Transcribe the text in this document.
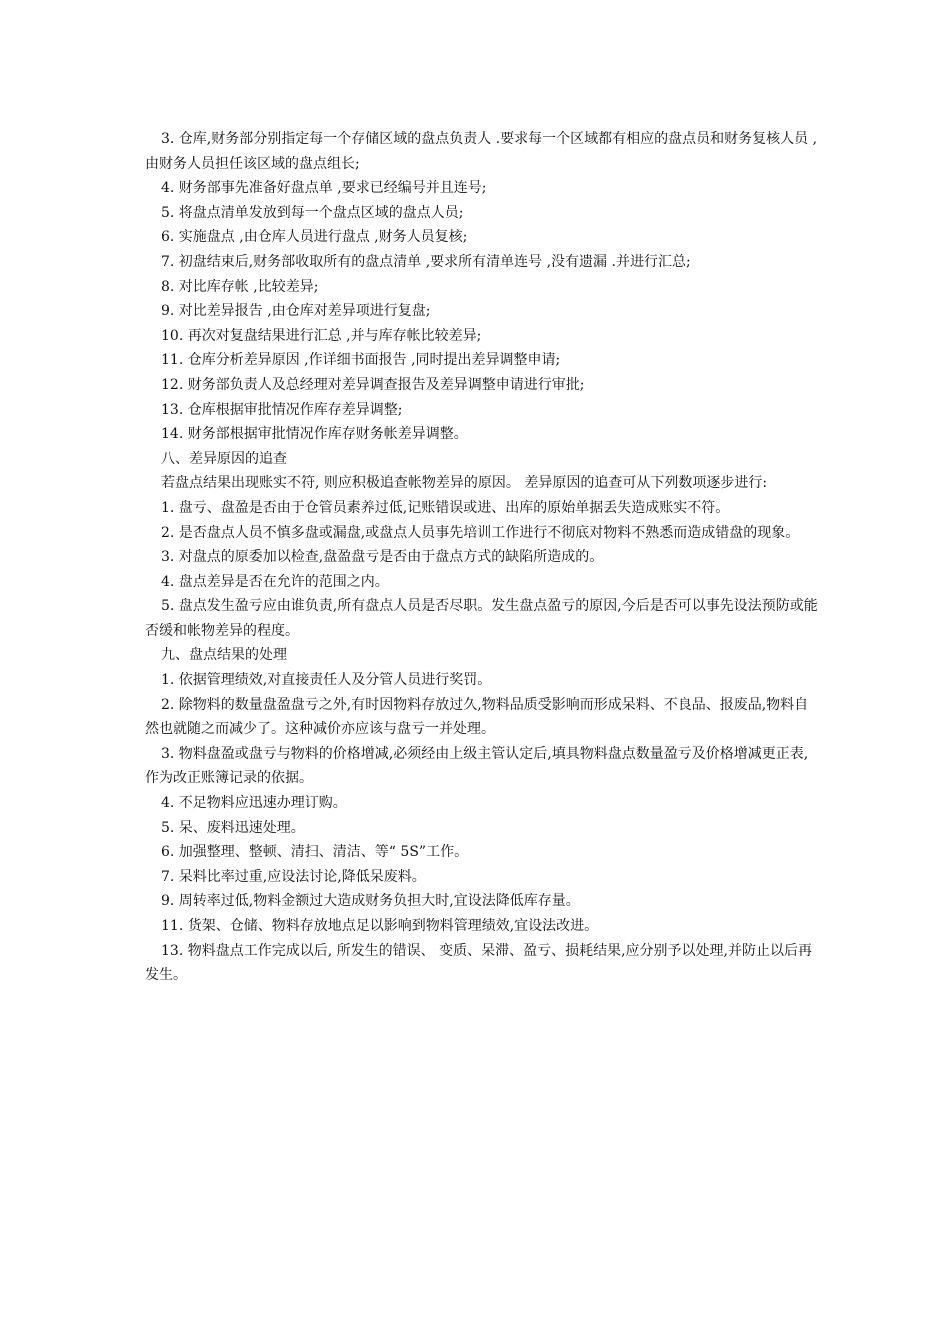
3. 仓库,财务部分别指定每一个存储区域的盘点负责人 .要求每一个区域都有相应的盘点员和财务复核人员 ,由财务人员担任该区域的盘点组长;

4. 财务部事先准备好盘点单 ,要求已经编号并且连号;

5. 将盘点清单发放到每一个盘点区域的盘点人员;

6. 实施盘点 ,由仓库人员进行盘点 ,财务人员复核;

7. 初盘结束后,财务部收取所有的盘点清单 ,要求所有清单连号 ,没有遗漏 .并进行汇总;

8. 对比库存帐 ,比较差异;

9. 对比差异报告 ,由仓库对差异项进行复盘;

10. 再次对复盘结果进行汇总 ,并与库存帐比较差异;

11. 仓库分析差异原因 ,作详细书面报告 ,同时提出差异调整申请;

12. 财务部负责人及总经理对差异调查报告及差异调整申请进行审批;

13. 仓库根据审批情况作库存差异调整;

14. 财务部根据审批情况作库存财务帐差异调整。

八、差异原因的追查

若盘点结果出现账实不符, 则应积极追查帐物差异的原因。 差异原因的追查可从下列数项逐步进行:

1. 盘亏、盘盈是否由于仓管员素养过低,记账错误或进、出库的原始单据丢失造成账实不符。

2. 是否盘点人员不慎多盘或漏盘,或盘点人员事先培训工作进行不彻底对物料不熟悉而造成错盘的现象。

3. 对盘点的原委加以检查,盘盈盘亏是否由于盘点方式的缺陷所造成的。

4. 盘点差异是否在允许的范围之内。

5. 盘点发生盈亏应由谁负责,所有盘点人员是否尽职。发生盘点盈亏的原因,今后是否可以事先设法预防或能否缓和帐物差异的程度。

九、盘点结果的处理

1. 依据管理绩效,对直接责任人及分管人员进行奖罚。

2. 除物料的数量盘盈盘亏之外,有时因物料存放过久,物料品质受影响而形成呆料、不良品、报废品,物料自然也就随之而减少了。这种减价亦应该与盘亏一并处理。

3. 物料盘盈或盘亏与物料的价格增减,必须经由上级主管认定后,填具物料盘点数量盈亏及价格增减更正表,作为改正账簿记录的依据。

4. 不足物料应迅速办理订购。

5. 呆、废料迅速处理。

6. 加强整理、整顿、清扫、清洁、等“ 5S”工作。

7. 呆料比率过重,应设法讨论,降低呆废料。

9. 周转率过低,物料金额过大造成财务负担大时,宜设法降低库存量。

11. 货架、仓储、物料存放地点足以影响到物料管理绩效,宜设法改进。

13. 物料盘点工作完成以后, 所发生的错误、 变质、呆滞、盈亏、损耗结果,应分别予以处理,并防止以后再发生。
